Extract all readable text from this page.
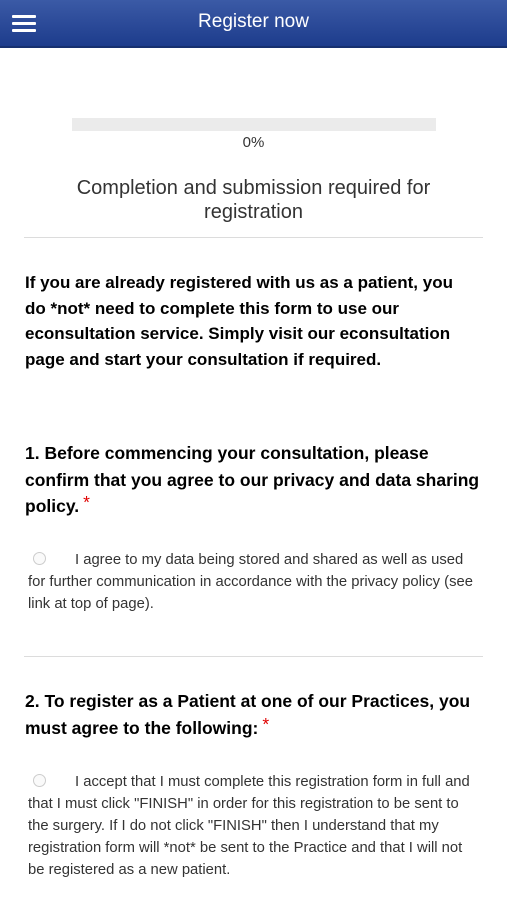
Register now
0%
Completion and submission required for registration
If you are already registered with us as a patient, you do *not* need to complete this form to use our econsultation service. Simply visit our econsultation page and start your consultation if required.
1. Before commencing your consultation, please confirm that you agree to our privacy and data sharing policy. *
I agree to my data being stored and shared as well as used for further communication in accordance with the privacy policy (see link at top of page).
2. To register as a Patient at one of our Practices, you must agree to the following: *
I accept that I must complete this registration form in full and that I must click "FINISH" in order for this registration to be sent to the surgery. If I do not click "FINISH" then I understand that my registration form will *not* be sent to the Practice and that I will not be registered as a new patient.
